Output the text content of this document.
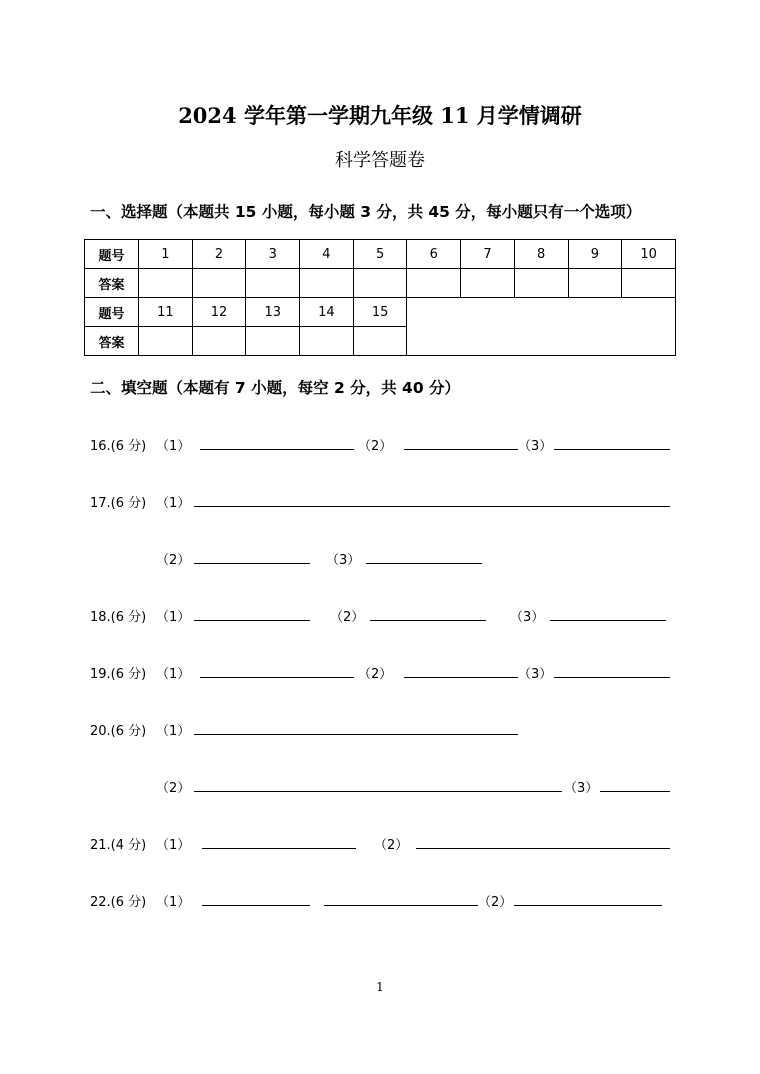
2024 学年第一学期九年级 11 月学情调研
科学答题卷
一、选择题（本题共 15 小题，每小题 3 分，共 45 分，每小题只有一个选项）
题号	1	2	3	4	5	6	7	8	9	10
答案										
题号	11	12	13	14	15					
答案										
二、填空题（本题有 7 小题，每空 2 分，共 40 分）
16.(6 分) （1）	（2）	（3）
17.(6 分) （1）
（2）	（3）
18.(6 分) （1）	（2）	（3）
19.(6 分) （1）	（2）	（3）
20.(6 分) （1）
（2）	（3）
21.(4 分) （1）	（2）
22.(6 分) （1）	（2）
1
